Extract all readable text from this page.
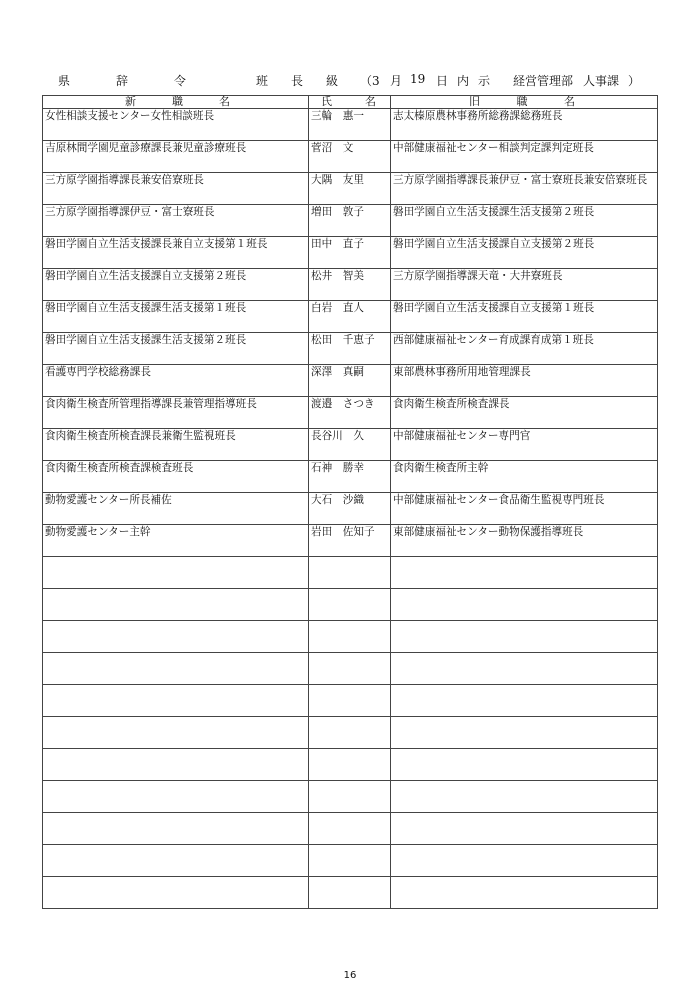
県	辞	令	班 長 級 （3 月 19 日 内 示 経営管理部 人事課 ）
新 職 名	氏 名	旧 職 名

女性相談支援センター女性相談班長	三輪　惠一	志太榛原農林事務所総務課総務班長
吉原林間学園児童診療課長兼児童診療班長	菅沼　文	中部健康福祉センター相談判定課判定班長
三方原学園指導課長兼安倍寮班長	大隅　友里	三方原学園指導課長兼伊豆・富士寮班長兼安倍寮班長
三方原学園指導課伊豆・富士寮班長	増田　敦子	磐田学園自立生活支援課生活支援第２班長
磐田学園自立生活支援課長兼自立支援第１班長	田中　直子	磐田学園自立生活支援課自立支援第２班長
磐田学園自立生活支援課自立支援第２班長	松井　智美	三方原学園指導課天竜・大井寮班長
磐田学園自立生活支援課生活支援第１班長	白岩　直人	磐田学園自立生活支援課自立支援第１班長
磐田学園自立生活支援課生活支援第２班長	松田　千恵子	西部健康福祉センター育成課育成第１班長
看護専門学校総務課長	深澤　真嗣	東部農林事務所用地管理課長
食肉衛生検査所管理指導課長兼管理指導班長	渡邉　さつき	食肉衛生検査所検査課長
食肉衛生検査所検査課長兼衛生監視班長	長谷川　久	中部健康福祉センター専門官
食肉衛生検査所検査課検査班長	石神　勝幸	食肉衛生検査所主幹
動物愛護センター所長補佐	大石　沙織	中部健康福祉センター食品衛生監視専門班長
動物愛護センター主幹	岩田　佐知子	東部健康福祉センター動物保護指導班長

16
